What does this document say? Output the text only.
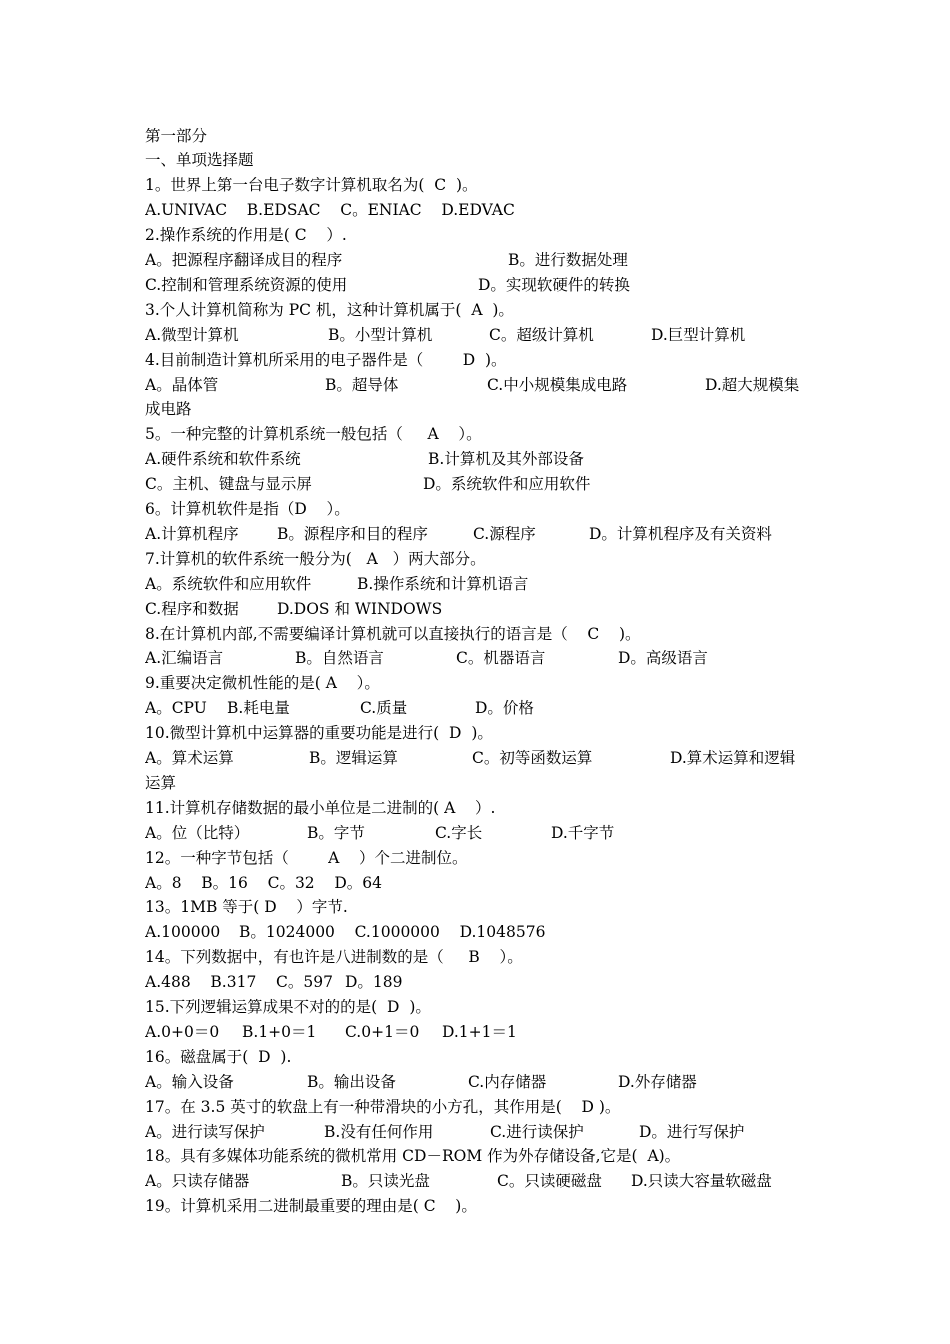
第一部分
一、单项选择题
1。世界上第一台电子数字计算机取名为(  C  )。
A.UNIVAC    B.EDSAC    C。ENIAC    D.EDVAC
2.操作系统的作用是( C    ）.
A。把源程序翻译成目的程序	B。进行数据处理
C.控制和管理系统资源的使用	D。实现软硬件的转换
3.个人计算机简称为 PC 机，这种计算机属于(  A  )。
A.微型计算机	B。小型计算机	C。超级计算机	D.巨型计算机
4.目前制造计算机所采用的电子器件是（        D  )。
A。晶体管	B。超导体	C.中小规模集成电路	D.超大规模集
成电路
5。一种完整的计算机系统一般包括（     A    ）。
A.硬件系统和软件系统	B.计算机及其外部设备
C。主机、键盘与显示屏	D。系统软件和应用软件
6。计算机软件是指（D    ）。
A.计算机程序 B。源程序和目的程序	C.源程序	D。计算机程序及有关资料
7.计算机的软件系统一般分为(   A   ）两大部分。
A。系统软件和应用软件	B.操作系统和计算机语言
C.程序和数据 D.DOS 和 WINDOWS
8.在计算机内部,不需要编译计算机就可以直接执行的语言是（    C    )。
A.汇编语言	B。自然语言	C。机器语言	D。高级语言
9.重要决定微机性能的是( A    ）。
A。CPU B.耗电量	C.质量	D。价格
10.微型计算机中运算器的重要功能是进行(  D  )。
A。算术运算	B。逻辑运算	C。初等函数运算	D.算术运算和逻辑
运算
11.计算机存储数据的最小单位是二进制的( A    ）.
A。位（比特）	B。字节	C.字长	D.千字节
12。一种字节包括（        A    ）个二进制位。
A。8    B。16    C。32    D。64
13。1MB 等于( D    ）字节.
A.100000 B。1024000    C.1000000    D.1048576
14。下列数据中，有也许是八进制数的是（     B    ）。
A.488    B.317    C。597 D。189
15.下列逻辑运算成果不对的的是(  D  )。
A.0+0＝0 B.1+0＝1 C.0+1＝0 D.1+1＝1
16。磁盘属于(  D  ).
A。输入设备	B。输出设备	C.内存储器	D.外存储器
17。在 3.5 英寸的软盘上有一种带滑块的小方孔，其作用是(    D )。
A。进行读写保护	B.没有任何作用	C.进行读保护	D。进行写保护
18。具有多媒体功能系统的微机常用 CD－ROM 作为外存储设备,它是(  A)。
A。只读存储器	B。只读光盘	C。只读硬磁盘 D.只读大容量软磁盘
19。计算机采用二进制最重要的理由是( C    )。
